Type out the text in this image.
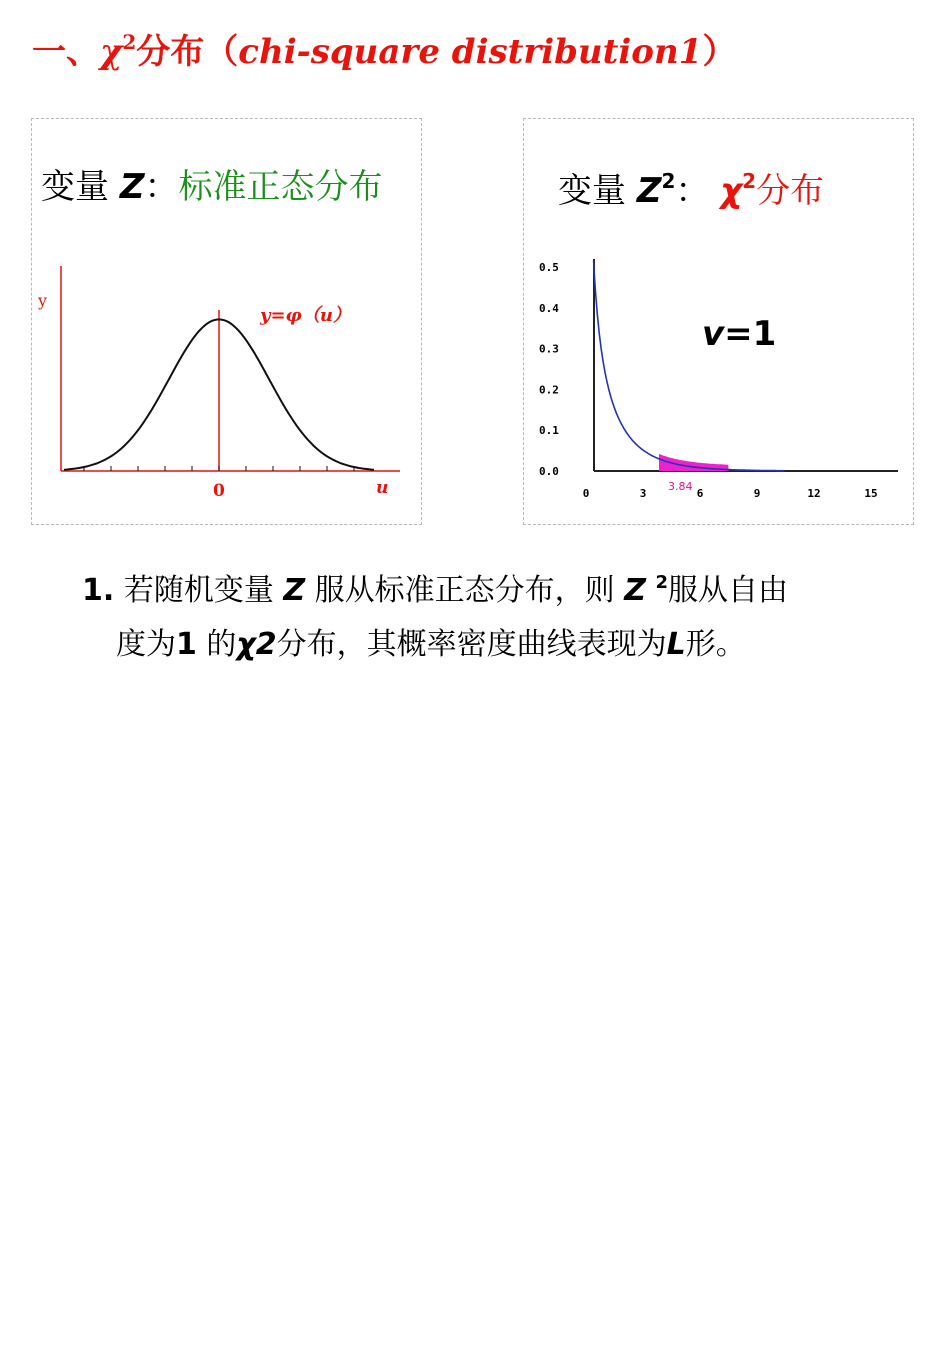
一、$\chi^2$分布（chi-square distribution1）
变量 Z：标准正态分布
y
y=φ（u）
0	u
变量 $Z^2$： $\chi^2$分布
0	3	6	9	12	15
0.0
0.1
0.2
0.3
0.4
0.5
3.84
v=1
1. 若随机变量 Z 服从标准正态分布，则 Z $^2$服从自由
度为1 的χ2分布，其概率密度曲线表现为L形。
